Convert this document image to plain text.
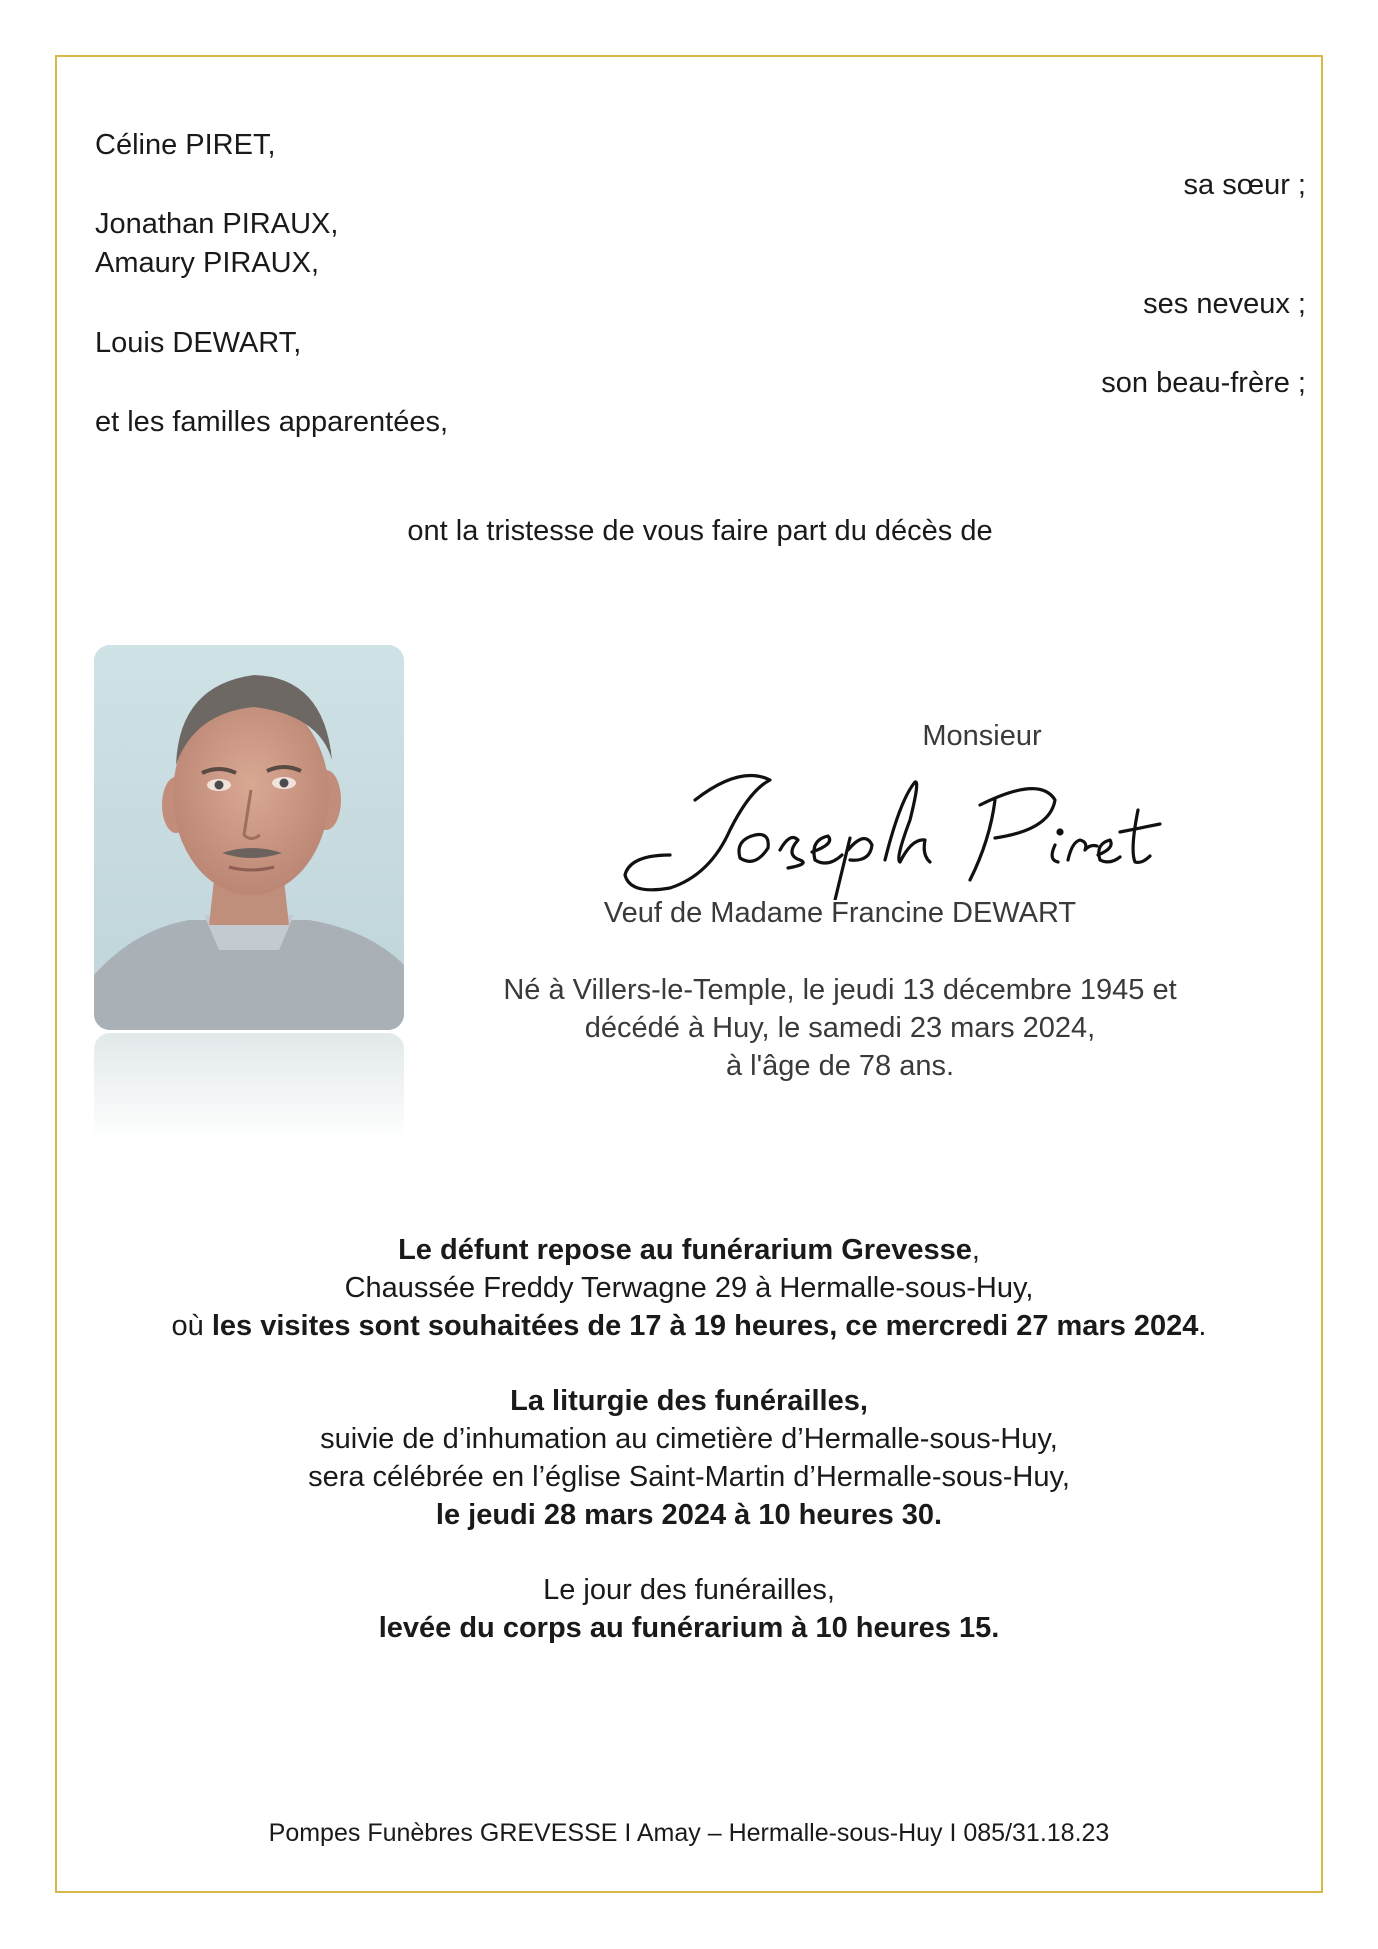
Céline PIRET,
sa sœur ;
Jonathan PIRAUX,
Amaury PIRAUX,
ses neveux ;
Louis DEWART,
son beau-frère ;
et les familles apparentées,
ont la tristesse de vous faire part du décès de
Monsieur
Veuf de Madame Francine DEWART
Né à Villers-le-Temple, le jeudi 13 décembre 1945 et
décédé à Huy, le samedi 23 mars 2024,
à l'âge de 78 ans.
Le défunt repose au funérarium Grevesse,
Chaussée Freddy Terwagne 29 à Hermalle-sous-Huy,
où les visites sont souhaitées de 17 à 19 heures, ce mercredi 27 mars 2024.
La liturgie des funérailles,
suivie de d’inhumation au cimetière d’Hermalle-sous-Huy,
sera célébrée en l’église Saint-Martin d’Hermalle-sous-Huy,
le jeudi 28 mars 2024 à 10 heures 30.
Le jour des funérailles,
levée du corps au funérarium à 10 heures 15.
Pompes Funèbres GREVESSE I Amay – Hermalle-sous-Huy I 085/31.18.23
